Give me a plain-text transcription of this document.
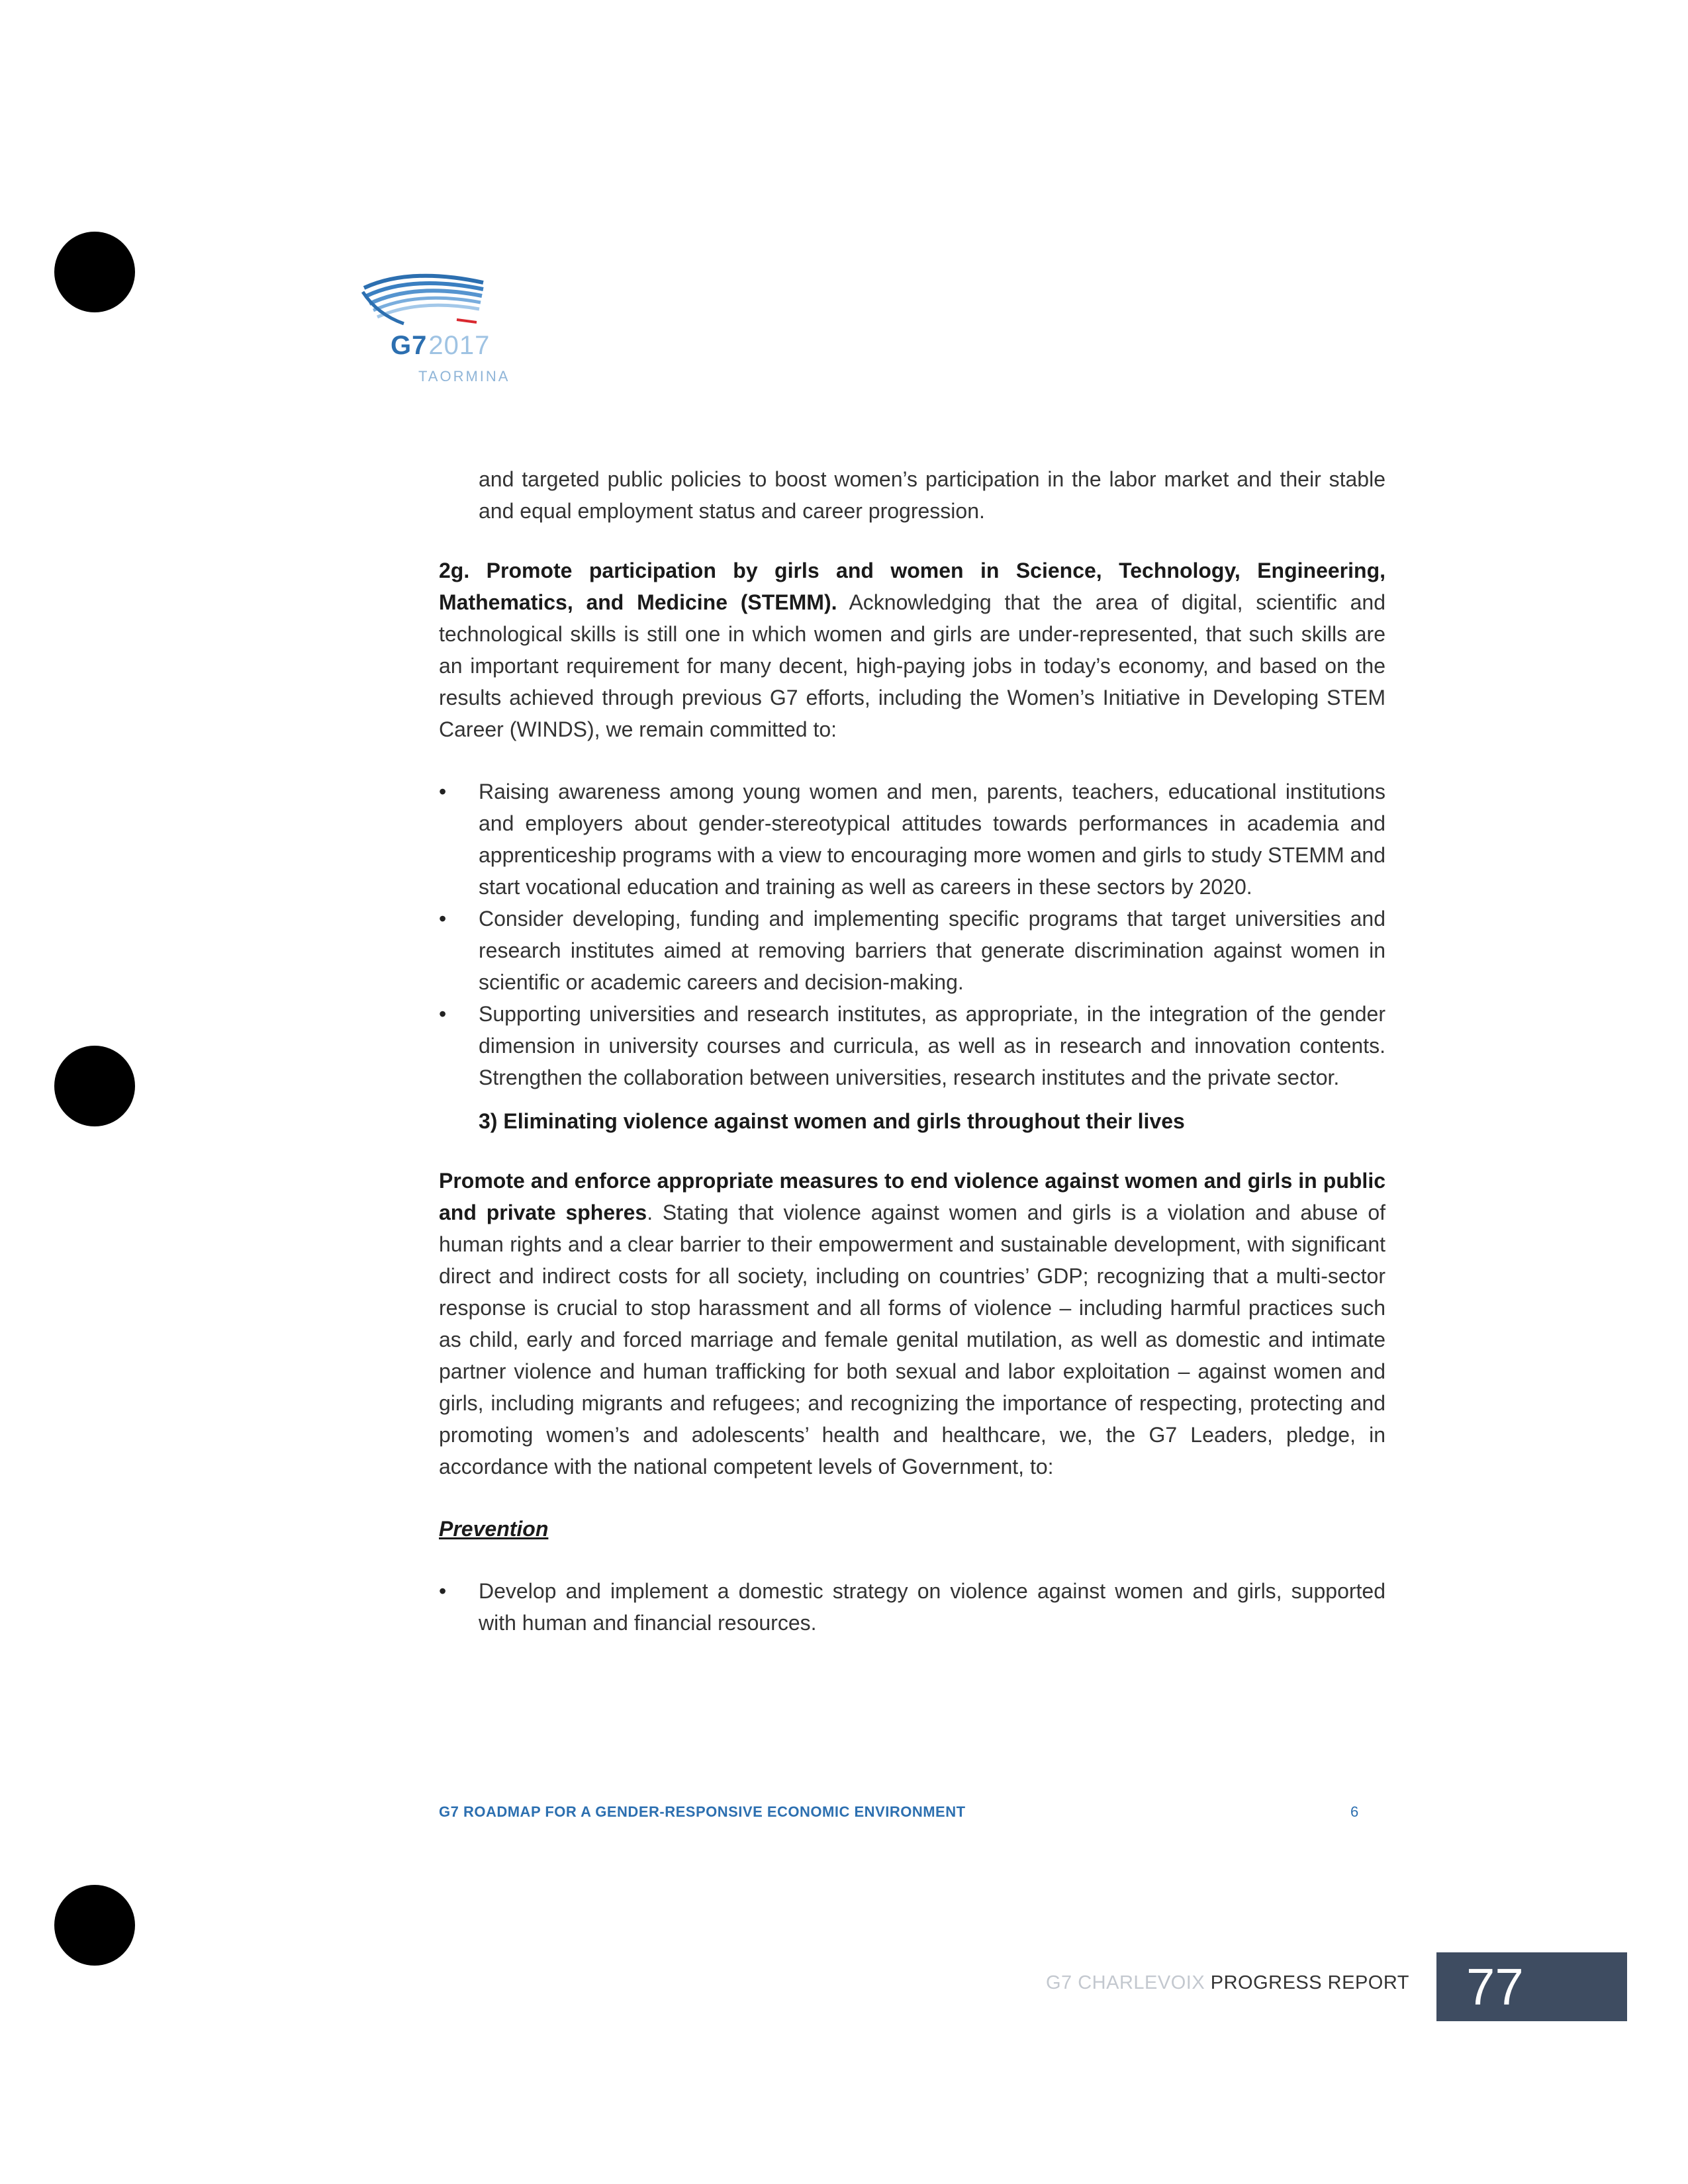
G72017
TAORMINA

and targeted public policies to boost women’s participation in the labor market and their stable and equal employment status and career progression.

2g. Promote participation by girls and women in Science, Technology, Engineering, Mathematics, and Medicine (STEMM). Acknowledging that the area of digital, scientific and technological skills is still one in which women and girls are under-represented, that such skills are an important requirement for many decent, high-paying jobs in today’s economy, and based on the results achieved through previous G7 efforts, including the Women’s Initiative in Developing STEM Career (WINDS), we remain committed to:

• Raising awareness among young women and men, parents, teachers, educational institutions and employers about gender-stereotypical attitudes towards performances in academia and apprenticeship programs with a view to encouraging more women and girls to study STEMM and start vocational education and training as well as careers in these sectors by 2020.
• Consider developing, funding and implementing specific programs that target universities and research institutes aimed at removing barriers that generate discrimination against women in scientific or academic careers and decision-making.
• Supporting universities and research institutes, as appropriate, in the integration of the gender dimension in university courses and curricula, as well as in research and innovation contents. Strengthen the collaboration between universities, research institutes and the private sector.

3) Eliminating violence against women and girls throughout their lives

Promote and enforce appropriate measures to end violence against women and girls in public and private spheres. Stating that violence against women and girls is a violation and abuse of human rights and a clear barrier to their empowerment and sustainable development, with significant direct and indirect costs for all society, including on countries’ GDP; recognizing that a multi-sector response is crucial to stop harassment and all forms of violence – including harmful practices such as child, early and forced marriage and female genital mutilation, as well as domestic and intimate partner violence and human trafficking for both sexual and labor exploitation – against women and girls, including migrants and refugees; and recognizing the importance of respecting, protecting and promoting women’s and adolescents’ health and healthcare, we, the G7 Leaders, pledge, in accordance with the national competent levels of Government, to:

Prevention

• Develop and implement a domestic strategy on violence against women and girls, supported with human and financial resources.
G7 ROADMAP FOR A GENDER-RESPONSIVE ECONOMIC ENVIRONMENT	6
G7 CHARLEVOIX PROGRESS REPORT	77
